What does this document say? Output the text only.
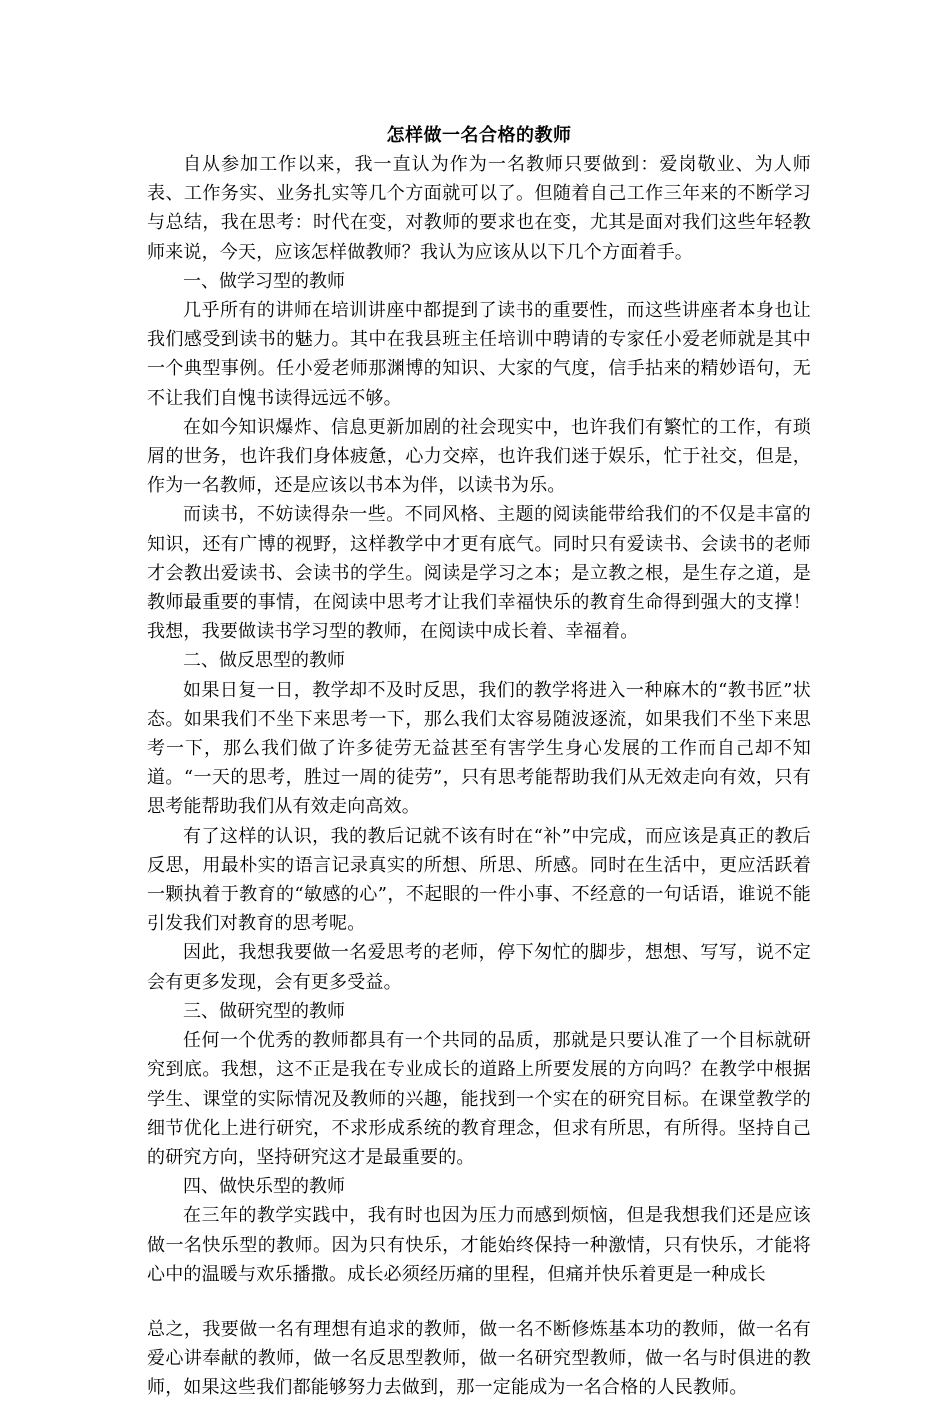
怎样做一名合格的教师

自从参加工作以来，我一直认为作为一名教师只要做到：爱岗敬业、为人师表、工作务实、业务扎实等几个方面就可以了。但随着自己工作三年来的不断学习与总结，我在思考：时代在变，对教师的要求也在变，尤其是面对我们这些年轻教师来说，今天，应该怎样做教师？我认为应该从以下几个方面着手。

一、做学习型的教师

几乎所有的讲师在培训讲座中都提到了读书的重要性，而这些讲座者本身也让我们感受到读书的魅力。其中在我县班主任培训中聘请的专家任小爱老师就是其中一个典型事例。任小爱老师那渊博的知识、大家的气度，信手拈来的精妙语句，无不让我们自愧书读得远远不够。

在如今知识爆炸、信息更新加剧的社会现实中，也许我们有繁忙的工作，有琐屑的世务，也许我们身体疲惫，心力交瘁，也许我们迷于娱乐，忙于社交，但是，作为一名教师，还是应该以书本为伴，以读书为乐。

而读书，不妨读得杂一些。不同风格、主题的阅读能带给我们的不仅是丰富的知识，还有广博的视野，这样教学中才更有底气。同时只有爱读书、会读书的老师才会教出爱读书、会读书的学生。阅读是学习之本；是立教之根，是生存之道，是教师最重要的事情，在阅读中思考才让我们幸福快乐的教育生命得到强大的支撑！我想，我要做读书学习型的教师，在阅读中成长着、幸福着。

二、做反思型的教师

如果日复一日，教学却不及时反思，我们的教学将进入一种麻木的“教书匠”状态。如果我们不坐下来思考一下，那么我们太容易随波逐流，如果我们不坐下来思考一下，那么我们做了许多徒劳无益甚至有害学生身心发展的工作而自己却不知道。“一天的思考，胜过一周的徒劳”，只有思考能帮助我们从无效走向有效，只有思考能帮助我们从有效走向高效。

有了这样的认识，我的教后记就不该有时在“补”中完成，而应该是真正的教后反思，用最朴实的语言记录真实的所想、所思、所感。同时在生活中，更应活跃着一颗执着于教育的“敏感的心”，不起眼的一件小事、不经意的一句话语，谁说不能引发我们对教育的思考呢。

因此，我想我要做一名爱思考的老师，停下匆忙的脚步，想想、写写，说不定会有更多发现，会有更多受益。

三、做研究型的教师

任何一个优秀的教师都具有一个共同的品质，那就是只要认准了一个目标就研究到底。我想，这不正是我在专业成长的道路上所要发展的方向吗？在教学中根据学生、课堂的实际情况及教师的兴趣，能找到一个实在的研究目标。在课堂教学的细节优化上进行研究，不求形成系统的教育理念，但求有所思，有所得。坚持自己的研究方向，坚持研究这才是最重要的。

四、做快乐型的教师

在三年的教学实践中，我有时也因为压力而感到烦恼，但是我想我们还是应该做一名快乐型的教师。因为只有快乐，才能始终保持一种激情，只有快乐，才能将心中的温暖与欢乐播撒。成长必须经历痛的里程，但痛并快乐着更是一种成长

总之，我要做一名有理想有追求的教师，做一名不断修炼基本功的教师，做一名有爱心讲奉献的教师，做一名反思型教师，做一名研究型教师，做一名与时俱进的教师，如果这些我们都能够努力去做到，那一定能成为一名合格的人民教师。
